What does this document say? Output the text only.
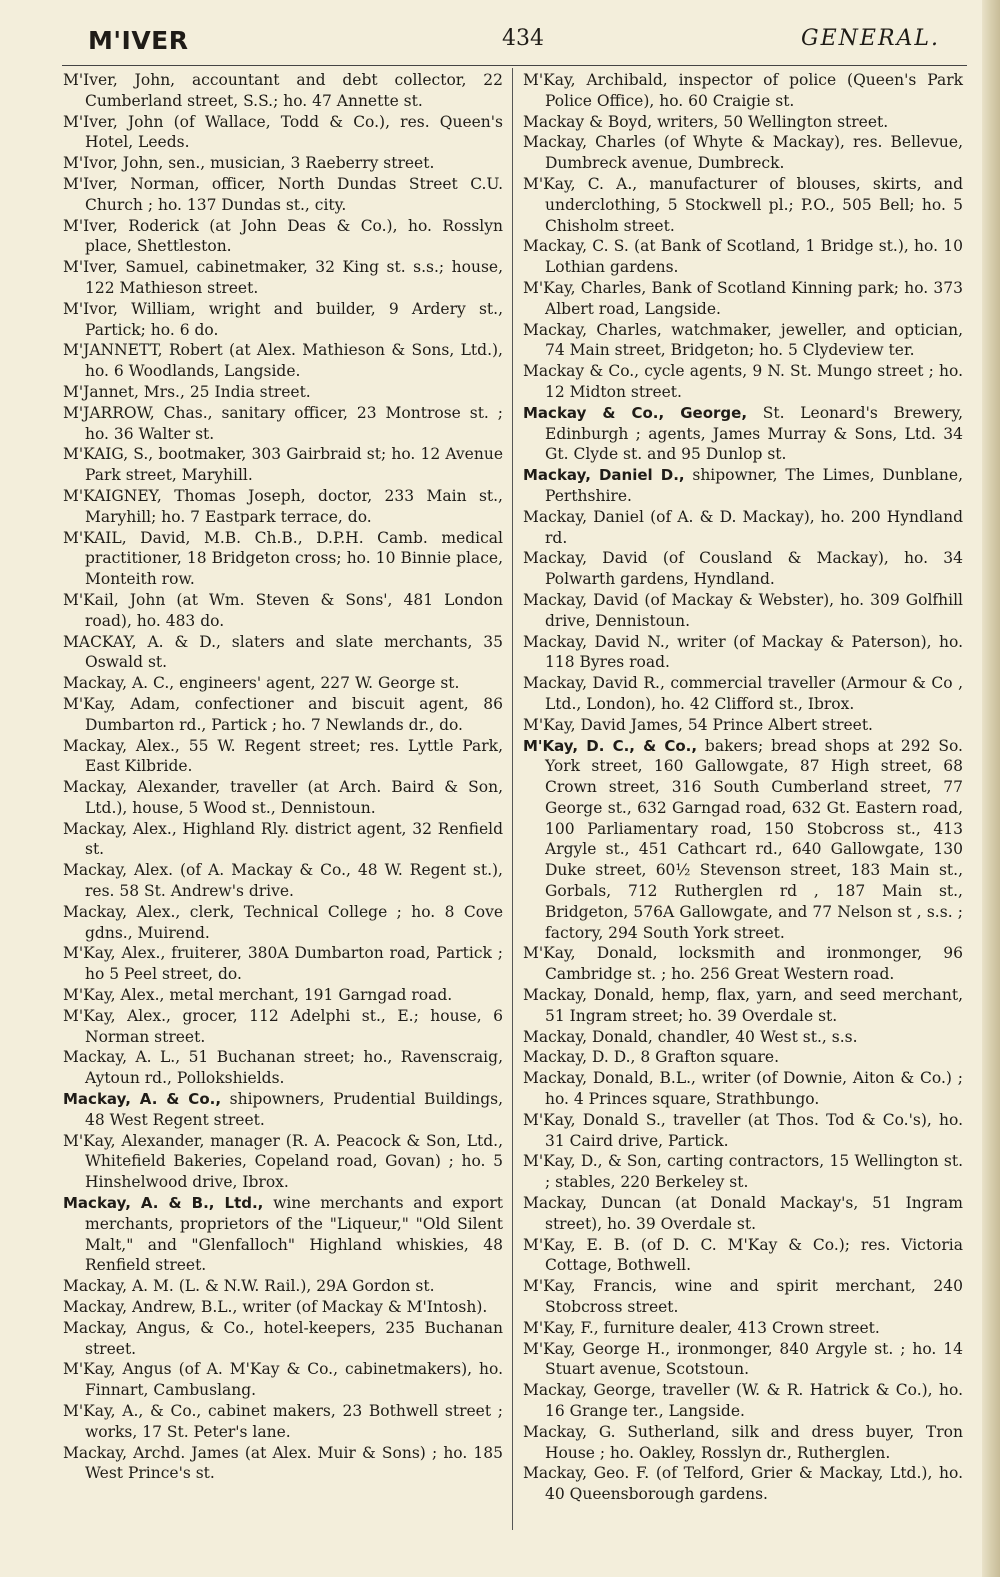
M'IVER	434	GENERAL.

M'Iver, John, accountant and debt collector, 22 Cumberland street, S.S.; ho. 47 Annette st.

M'Iver, John (of Wallace, Todd & Co.), res. Queen's Hotel, Leeds.

M'Ivor, John, sen., musician, 3 Raeberry street.

M'Iver, Norman, officer, North Dundas Street C.U. Church ; ho. 137 Dundas st., city.

M'Iver, Roderick (at John Deas & Co.), ho. Rosslyn place, Shettleston.

M'Iver, Samuel, cabinetmaker, 32 King st. s.s.; house, 122 Mathieson street.

M'Ivor, William, wright and builder, 9 Ardery st., Partick; ho. 6 do.

M'JANNETT, Robert (at Alex. Mathieson & Sons, Ltd.), ho. 6 Woodlands, Langside.

M'Jannet, Mrs., 25 India street.

M'JARROW, Chas., sanitary officer, 23 Montrose st. ; ho. 36 Walter st.

M'KAIG, S., bootmaker, 303 Gairbraid st; ho. 12 Avenue Park street, Maryhill.

M'KAIGNEY, Thomas Joseph, doctor, 233 Main st., Maryhill; ho. 7 Eastpark terrace, do.

M'KAIL, David, M.B. Ch.B., D.P.H. Camb. medical practitioner, 18 Bridgeton cross; ho. 10 Binnie place, Monteith row.

M'Kail, John (at Wm. Steven & Sons', 481 London road), ho. 483 do.

MACKAY, A. & D., slaters and slate merchants, 35 Oswald st.

Mackay, A. C., engineers' agent, 227 W. George st.

M'Kay, Adam, confectioner and biscuit agent, 86 Dumbarton rd., Partick ; ho. 7 Newlands dr., do.

Mackay, Alex., 55 W. Regent street; res. Lyttle Park, East Kilbride.

Mackay, Alexander, traveller (at Arch. Baird & Son, Ltd.), house, 5 Wood st., Dennistoun.

Mackay, Alex., Highland Rly. district agent, 32 Renfield st.

Mackay, Alex. (of A. Mackay & Co., 48 W. Regent st.), res. 58 St. Andrew's drive.

Mackay, Alex., clerk, Technical College ; ho. 8 Cove gdns., Muirend.

M'Kay, Alex., fruiterer, 380A Dumbarton road, Partick ; ho 5 Peel street, do.

M'Kay, Alex., metal merchant, 191 Garngad road.

M'Kay, Alex., grocer, 112 Adelphi st., E.; house, 6 Norman street.

Mackay, A. L., 51 Buchanan street; ho., Ravenscraig, Aytoun rd., Pollokshields.

Mackay, A. & Co., shipowners, Prudential Buildings, 48 West Regent street.

M'Kay, Alexander, manager (R. A. Peacock & Son, Ltd., Whitefield Bakeries, Copeland road, Govan) ; ho. 5 Hinshelwood drive, Ibrox.

Mackay, A. & B., Ltd., wine merchants and export merchants, proprietors of the "Liqueur," "Old Silent Malt," and "Glenfalloch" Highland whiskies, 48 Renfield street.

Mackay, A. M. (L. & N.W. Rail.), 29A Gordon st.

Mackay, Andrew, B.L., writer (of Mackay & M'Intosh).

Mackay, Angus, & Co., hotel-keepers, 235 Buchanan street.

M'Kay, Angus (of A. M'Kay & Co., cabinetmakers), ho. Finnart, Cambuslang.

M'Kay, A., & Co., cabinet makers, 23 Bothwell street ; works, 17 St. Peter's lane.

Mackay, Archd. James (at Alex. Muir & Sons) ; ho. 185 West Prince's st.

M'Kay, Archibald, inspector of police (Queen's Park Police Office), ho. 60 Craigie st.

Mackay & Boyd, writers, 50 Wellington street.

Mackay, Charles (of Whyte & Mackay), res. Bellevue, Dumbreck avenue, Dumbreck.

M'Kay, C. A., manufacturer of blouses, skirts, and underclothing, 5 Stockwell pl.; P.O., 505 Bell; ho. 5 Chisholm street.

Mackay, C. S. (at Bank of Scotland, 1 Bridge st.), ho. 10 Lothian gardens.

M'Kay, Charles, Bank of Scotland Kinning park; ho. 373 Albert road, Langside.

Mackay, Charles, watchmaker, jeweller, and optician, 74 Main street, Bridgeton; ho. 5 Clydeview ter.

Mackay & Co., cycle agents, 9 N. St. Mungo street ; ho. 12 Midton street.

Mackay & Co., George, St. Leonard's Brewery, Edinburgh ; agents, James Murray & Sons, Ltd. 34 Gt. Clyde st. and 95 Dunlop st.

Mackay, Daniel D., shipowner, The Limes, Dunblane, Perthshire.

Mackay, Daniel (of A. & D. Mackay), ho. 200 Hyndland rd.

Mackay, David (of Cousland & Mackay), ho. 34 Polwarth gardens, Hyndland.

Mackay, David (of Mackay & Webster), ho. 309 Golfhill drive, Dennistoun.

Mackay, David N., writer (of Mackay & Paterson), ho. 118 Byres road.

Mackay, David R., commercial traveller (Armour & Co , Ltd., London), ho. 42 Clifford st., Ibrox.

M'Kay, David James, 54 Prince Albert street.

M'Kay, D. C., & Co., bakers; bread shops at 292 So. York street, 160 Gallowgate, 87 High street, 68 Crown street, 316 South Cumberland street, 77 George st., 632 Garngad road, 632 Gt. Eastern road, 100 Parliamentary road, 150 Stobcross st., 413 Argyle st., 451 Cathcart rd., 640 Gallowgate, 130 Duke street, 60½ Stevenson street, 183 Main st., Gorbals, 712 Rutherglen rd , 187 Main st., Bridgeton, 576A Gallowgate, and 77 Nelson st , s.s. ; factory, 294 South York street.

M'Kay, Donald, locksmith and ironmonger, 96 Cambridge st. ; ho. 256 Great Western road.

Mackay, Donald, hemp, flax, yarn, and seed merchant, 51 Ingram street; ho. 39 Overdale st.

Mackay, Donald, chandler, 40 West st., s.s.

Mackay, D. D., 8 Grafton square.

Mackay, Donald, B.L., writer (of Downie, Aiton & Co.) ; ho. 4 Princes square, Strathbungo.

M'Kay, Donald S., traveller (at Thos. Tod & Co.'s), ho. 31 Caird drive, Partick.

M'Kay, D., & Son, carting contractors, 15 Wellington st. ; stables, 220 Berkeley st.

Mackay, Duncan (at Donald Mackay's, 51 Ingram street), ho. 39 Overdale st.

M'Kay, E. B. (of D. C. M'Kay & Co.); res. Victoria Cottage, Bothwell.

M'Kay, Francis, wine and spirit merchant, 240 Stobcross street.

M'Kay, F., furniture dealer, 413 Crown street.

M'Kay, George H., ironmonger, 840 Argyle st. ; ho. 14 Stuart avenue, Scotstoun.

Mackay, George, traveller (W. & R. Hatrick & Co.), ho. 16 Grange ter., Langside.

Mackay, G. Sutherland, silk and dress buyer, Tron House ; ho. Oakley, Rosslyn dr., Rutherglen.

Mackay, Geo. F. (of Telford, Grier & Mackay, Ltd.), ho. 40 Queensborough gardens.
